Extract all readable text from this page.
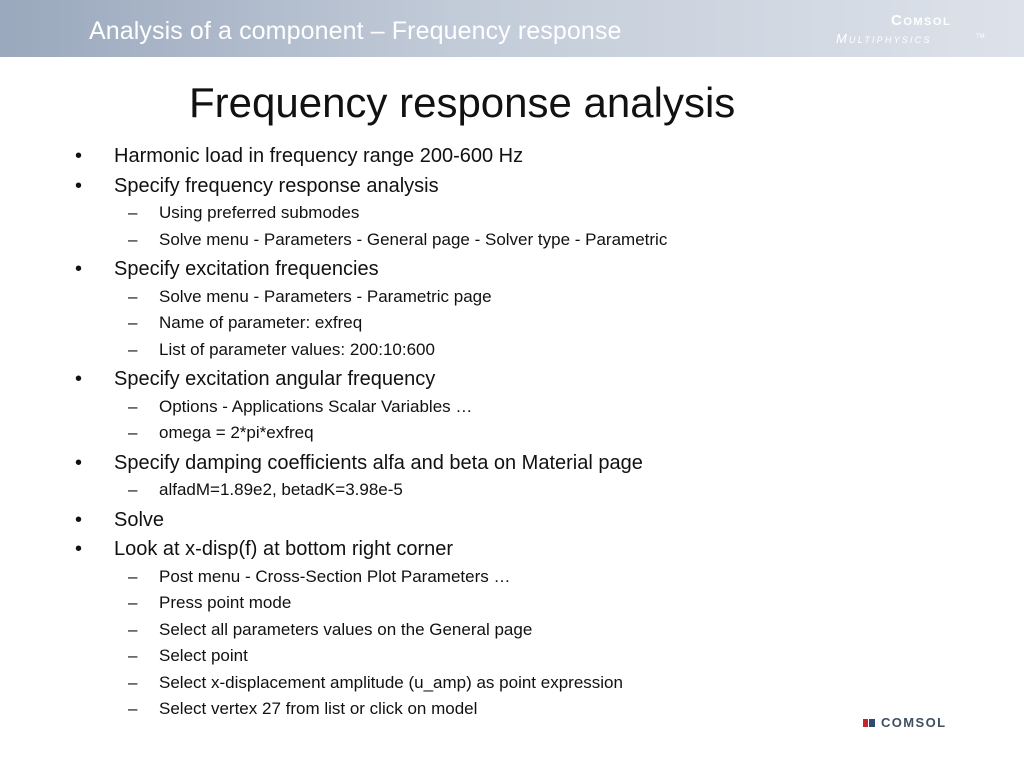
Analysis of a component – Frequency response	Comsol
Multiphysics	TM
Frequency response analysis
• Harmonic load in frequency range 200-600 Hz
• Specify frequency response analysis
– Using preferred submodes
– Solve menu - Parameters - General page - Solver type - Parametric
• Specify excitation frequencies
– Solve menu - Parameters - Parametric page
– Name of parameter: exfreq
– List of parameter values: 200:10:600
• Specify excitation angular frequency
– Options - Applications Scalar Variables …
– omega = 2*pi*exfreq
• Specify damping coefficients alfa and beta on Material page
– alfadM=1.89e2, betadK=3.98e-5
• Solve
• Look at x-disp(f) at bottom right corner
– Post menu - Cross-Section Plot Parameters …
– Press point mode
– Select all parameters values on the General page
– Select point
– Select x-displacement amplitude (u_amp) as point expression
– Select vertex 27 from list or click on model
COMSOL
